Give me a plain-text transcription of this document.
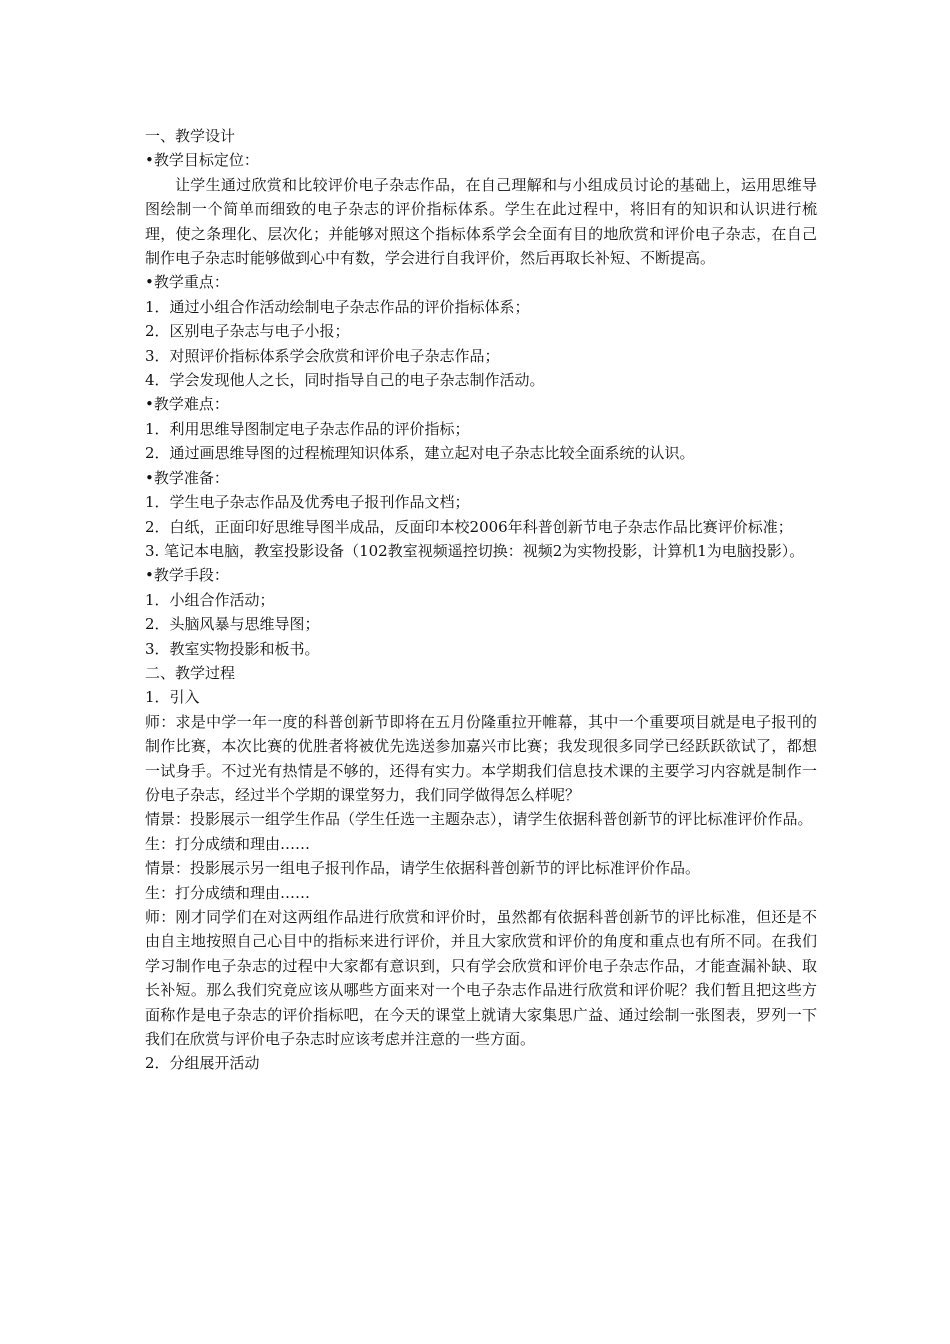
一、教学设计

•教学目标定位：

让学生通过欣赏和比较评价电子杂志作品，在自己理解和与小组成员讨论的基础上，运用思维导图绘制一个简单而细致的电子杂志的评价指标体系。学生在此过程中，将旧有的知识和认识进行梳理，使之条理化、层次化；并能够对照这个指标体系学会全面有目的地欣赏和评价电子杂志，在自己制作电子杂志时能够做到心中有数，学会进行自我评价，然后再取长补短、不断提高。

•教学重点：

1．通过小组合作活动绘制电子杂志作品的评价指标体系；

2．区别电子杂志与电子小报；

3．对照评价指标体系学会欣赏和评价电子杂志作品；

4．学会发现他人之长，同时指导自己的电子杂志制作活动。

•教学难点：

1．利用思维导图制定电子杂志作品的评价指标；

2．通过画思维导图的过程梳理知识体系，建立起对电子杂志比较全面系统的认识。

•教学准备：

1．学生电子杂志作品及优秀电子报刊作品文档；

2．白纸，正面印好思维导图半成品，反面印本校2006年科普创新节电子杂志作品比赛评价标准；

3. 笔记本电脑，教室投影设备（102教室视频遥控切换：视频2为实物投影，计算机1为电脑投影）。

•教学手段：

1．小组合作活动；

2．头脑风暴与思维导图；

3．教室实物投影和板书。

二、教学过程

1．引入

师：求是中学一年一度的科普创新节即将在五月份隆重拉开帷幕，其中一个重要项目就是电子报刊的制作比赛，本次比赛的优胜者将被优先选送参加嘉兴市比赛；我发现很多同学已经跃跃欲试了，都想一试身手。不过光有热情是不够的，还得有实力。本学期我们信息技术课的主要学习内容就是制作一份电子杂志，经过半个学期的课堂努力，我们同学做得怎么样呢？

情景：投影展示一组学生作品（学生任选一主题杂志），请学生依据科普创新节的评比标准评价作品。

生：打分成绩和理由……

情景：投影展示另一组电子报刊作品，请学生依据科普创新节的评比标准评价作品。

生：打分成绩和理由……

师：刚才同学们在对这两组作品进行欣赏和评价时，虽然都有依据科普创新节的评比标准，但还是不由自主地按照自己心目中的指标来进行评价，并且大家欣赏和评价的角度和重点也有所不同。在我们学习制作电子杂志的过程中大家都有意识到，只有学会欣赏和评价电子杂志作品，才能查漏补缺、取长补短。那么我们究竟应该从哪些方面来对一个电子杂志作品进行欣赏和评价呢？我们暂且把这些方面称作是电子杂志的评价指标吧，在今天的课堂上就请大家集思广益、通过绘制一张图表，罗列一下我们在欣赏与评价电子杂志时应该考虑并注意的一些方面。

2．分组展开活动
